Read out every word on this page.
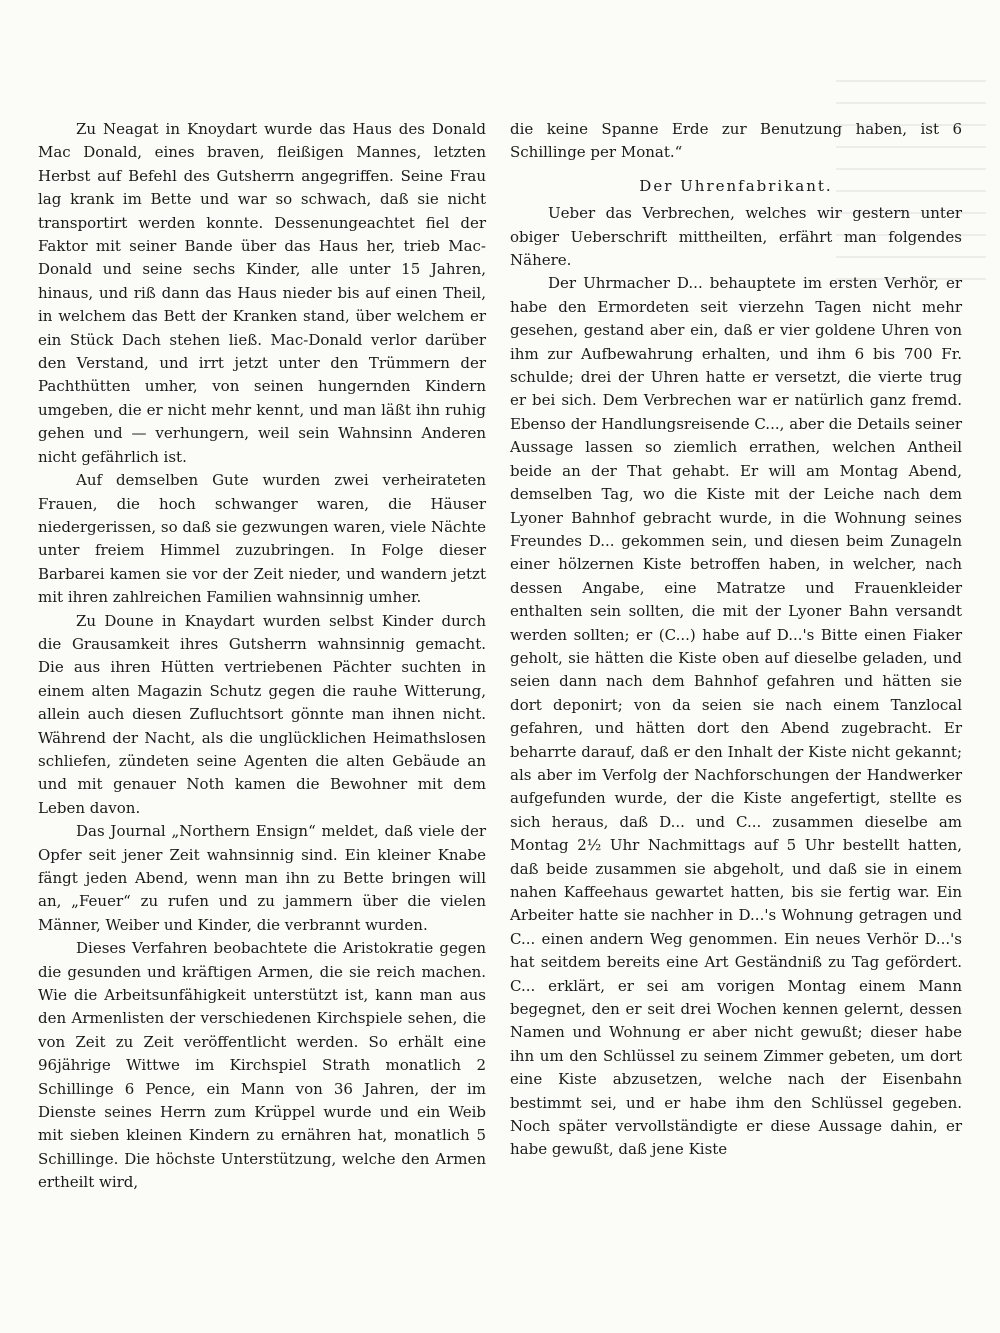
Zu Neagat in Knoydart wurde das Haus des Donald Mac Donald, eines braven, fleißigen Mannes, letzten Herbst auf Befehl des Gutsherrn angegriffen. Seine Frau lag krank im Bette und war so schwach, daß sie nicht transportirt werden konnte. Dessenungeachtet fiel der Faktor mit seiner Bande über das Haus her, trieb Mac-Donald und seine sechs Kinder, alle unter 15 Jahren, hinaus, und riß dann das Haus nieder bis auf einen Theil, in welchem das Bett der Kranken stand, über welchem er ein Stück Dach stehen ließ. Mac-Donald verlor darüber den Verstand, und irrt jetzt unter den Trümmern der Pachthütten umher, von seinen hungernden Kindern umgeben, die er nicht mehr kennt, und man läßt ihn ruhig gehen und — verhungern, weil sein Wahnsinn Anderen nicht gefährlich ist.

Auf demselben Gute wurden zwei verheirateten Frauen, die hoch schwanger waren, die Häuser niedergerissen, so daß sie gezwungen waren, viele Nächte unter freiem Himmel zuzubringen. In Folge dieser Barbarei kamen sie vor der Zeit nieder, und wandern jetzt mit ihren zahlreichen Familien wahnsinnig umher.

Zu Doune in Knaydart wurden selbst Kinder durch die Grausamkeit ihres Gutsherrn wahnsinnig gemacht. Die aus ihren Hütten vertriebenen Pächter suchten in einem alten Magazin Schutz gegen die rauhe Witterung, allein auch diesen Zufluchtsort gönnte man ihnen nicht. Während der Nacht, als die unglücklichen Heimathslosen schliefen, zündeten seine Agenten die alten Gebäude an und mit genauer Noth kamen die Bewohner mit dem Leben davon.

Das Journal „Northern Ensign“ meldet, daß viele der Opfer seit jener Zeit wahnsinnig sind. Ein kleiner Knabe fängt jeden Abend, wenn man ihn zu Bette bringen will an, „Feuer“ zu rufen und zu jammern über die vielen Männer, Weiber und Kinder, die verbrannt wurden.

Dieses Verfahren beobachtete die Aristokratie gegen die gesunden und kräftigen Armen, die sie reich machen. Wie die Arbeitsunfähigkeit unterstützt ist, kann man aus den Armenlisten der verschiedenen Kirchspiele sehen, die von Zeit zu Zeit veröffentlicht werden. So erhält eine 96jährige Wittwe im Kirchspiel Strath monatlich 2 Schillinge 6 Pence, ein Mann von 36 Jahren, der im Dienste seines Herrn zum Krüppel wurde und ein Weib mit sieben kleinen Kindern zu ernähren hat, monatlich 5 Schillinge. Die höchste Unterstützung, welche den Armen ertheilt wird,

die keine Spanne Erde zur Benutzung haben, ist 6 Schillinge per Monat.“

Der Uhrenfabrikant.

Ueber das Verbrechen, welches wir gestern unter obiger Ueberschrift mittheilten, erfährt man folgendes Nähere.

Der Uhrmacher D... behauptete im ersten Verhör, er habe den Ermordeten seit vierzehn Tagen nicht mehr gesehen, gestand aber ein, daß er vier goldene Uhren von ihm zur Aufbewahrung erhalten, und ihm 6 bis 700 Fr. schulde; drei der Uhren hatte er versetzt, die vierte trug er bei sich. Dem Verbrechen war er natürlich ganz fremd. Ebenso der Handlungsreisende C..., aber die Details seiner Aussage lassen so ziemlich errathen, welchen Antheil beide an der That gehabt. Er will am Montag Abend, demselben Tag, wo die Kiste mit der Leiche nach dem Lyoner Bahnhof gebracht wurde, in die Wohnung seines Freundes D... gekommen sein, und diesen beim Zunageln einer hölzernen Kiste betroffen haben, in welcher, nach dessen Angabe, eine Matratze und Frauenkleider enthalten sein sollten, die mit der Lyoner Bahn versandt werden sollten; er (C...) habe auf D...'s Bitte einen Fiaker geholt, sie hätten die Kiste oben auf dieselbe geladen, und seien dann nach dem Bahnhof gefahren und hätten sie dort deponirt; von da seien sie nach einem Tanzlocal gefahren, und hätten dort den Abend zugebracht. Er beharrte darauf, daß er den Inhalt der Kiste nicht gekannt; als aber im Verfolg der Nachforschungen der Handwerker aufgefunden wurde, der die Kiste angefertigt, stellte es sich heraus, daß D... und C... zusammen dieselbe am Montag 2½ Uhr Nachmittags auf 5 Uhr bestellt hatten, daß beide zusammen sie abgeholt, und daß sie in einem nahen Kaffeehaus gewartet hatten, bis sie fertig war. Ein Arbeiter hatte sie nachher in D...'s Wohnung getragen und C... einen andern Weg genommen. Ein neues Verhör D...'s hat seitdem bereits eine Art Geständniß zu Tag gefördert. C... erklärt, er sei am vorigen Montag einem Mann begegnet, den er seit drei Wochen kennen gelernt, dessen Namen und Wohnung er aber nicht gewußt; dieser habe ihn um den Schlüssel zu seinem Zimmer gebeten, um dort eine Kiste abzusetzen, welche nach der Eisenbahn bestimmt sei, und er habe ihm den Schlüssel gegeben. Noch später vervollständigte er diese Aussage dahin, er habe gewußt, daß jene Kiste
